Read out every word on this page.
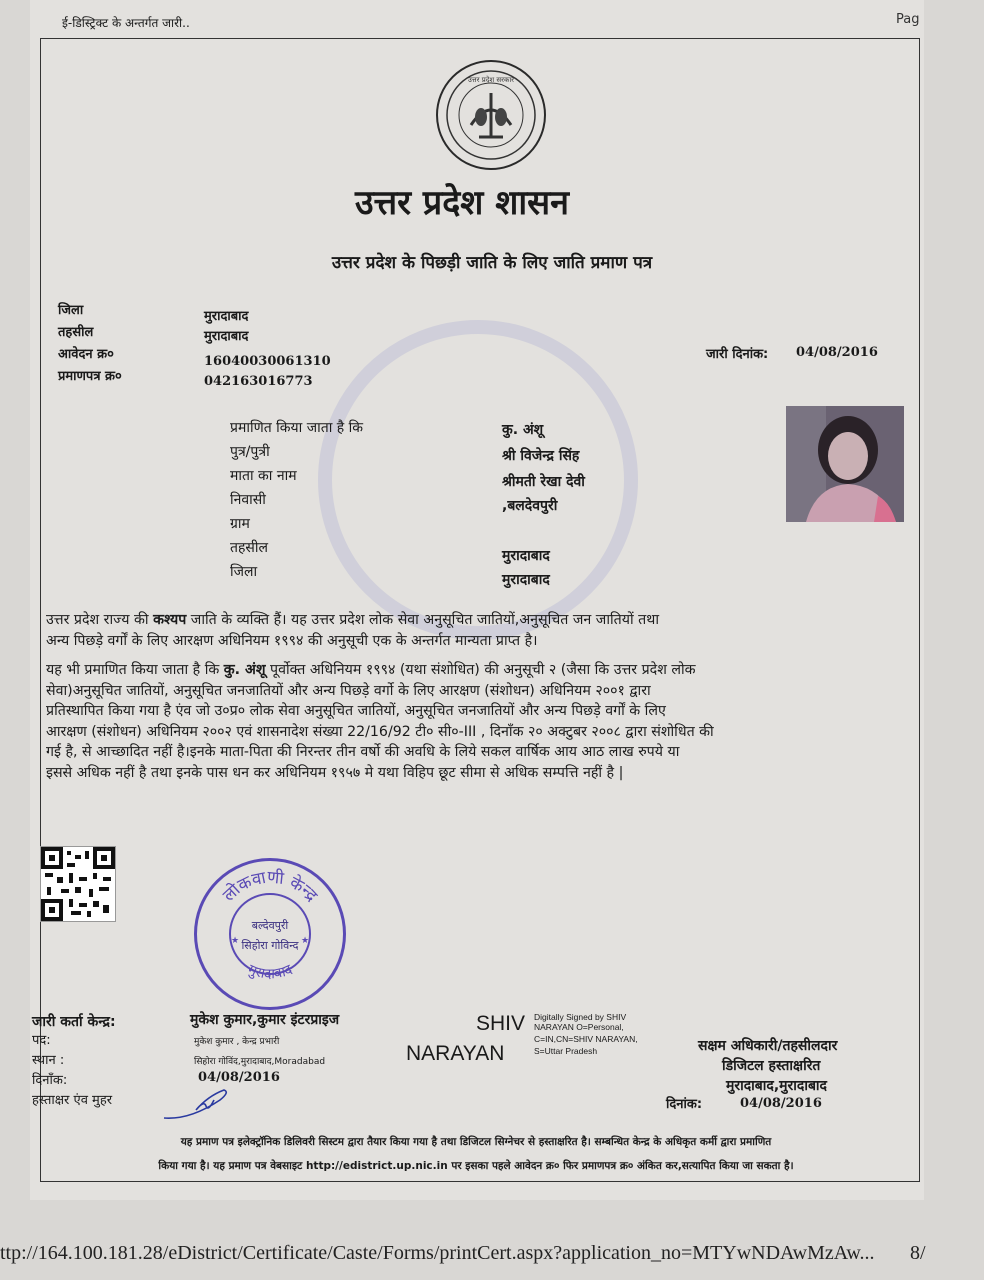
ई-डिस्ट्रिक्ट के अन्तर्गत जारी..	Pag
उत्तर प्रदेश सरकार
उत्तर प्रदेश शासन
उत्तर प्रदेश के पिछड़ी जाति के लिए जाति प्रमाण पत्र
जिला	मुरादाबाद
तहसील	मुरादाबाद
आवेदन क्र०	16040030061310
प्रमाणपत्र क्र०	042163016773
जारी दिनांक: 04/08/2016
प्रमाणित किया जाता है कि	कु. अंशू
पुत्र/पुत्री	श्री विजेन्द्र सिंह
माता का नाम	श्रीमती रेखा देवी
निवासी	,बलदेवपुरी
ग्राम
तहसील	मुरादाबाद
जिला	मुरादाबाद
उत्तर प्रदेश राज्य की कश्यप जाति के व्यक्ति हैं। यह उत्तर प्रदेश लोक सेवा अनुसूचित जातियों,अनुसूचित जन जातियों तथा
अन्य पिछड़े वर्गों के लिए आरक्षण अधिनियम १९९४ की अनुसूची एक के अन्तर्गत मान्यता प्राप्त है।
यह भी प्रमाणित किया जाता है कि कु. अंशू पूर्वोक्त अधिनियम १९९४ (यथा संशोधित) की अनुसूची २ (जैसा कि उत्तर प्रदेश लोक
सेवा)अनुसूचित जातियों, अनुसूचित जनजातियों और अन्य पिछड़े वर्गो के लिए आरक्षण (संशोधन) अधिनियम २००१ द्वारा
प्रतिस्थापित किया गया है एंव जो उ०प्र० लोक सेवा अनुसूचित जातियों, अनुसूचित जनजातियों और अन्य पिछड़े वर्गों के लिए
आरक्षण (संशोधन) अधिनियम २००२ एवं शासनादेश संख्या 22/16/92 टी० सी०-III , दिनाँक २० अक्टुबर २००८ द्वारा संशोधित की
गई है, से आच्छादित नहीं है।इनके माता-पिता की निरन्तर तीन वर्षो की अवधि के लिये सकल वार्षिक आय आठ लाख रुपये या
इससे अधिक नहीं है तथा इनके पास धन कर अधिनियम १९५७ मे यथा विहिप छूट सीमा से अधिक सम्पत्ति नहीं है |
लोकवाणी केन्द्र
मुरादाबाद
बल्देवपुरी
सिहोरा गोविन्द
★	★
जारी कर्ता केन्द्र:	मुकेश कुमार,कुमार इंटरप्राइज
पद:	मुकेश कुमार , केन्द्र प्रभारी
स्थान :	सिहोरा गोविंद,मुरादाबाद,Moradabad
दिनाँक:	04/08/2016
हस्ताक्षर एंव मुहर
SHIV
NARAYAN
Digitally Signed by SHIV
NARAYAN O=Personal,
C=IN,CN=SHIV NARAYAN,
S=Uttar Pradesh	सक्षम अधिकारी/तहसीलदार
डिजिटल हस्ताक्षरित
मुरादाबाद,मुरादाबाद
दिनांक:	04/08/2016
यह प्रमाण पत्र इलेक्ट्रॉनिक डिलिवरी सिस्टम द्वारा तैयार किया गया है तथा डिजिटल सिग्नेचर से हस्ताक्षरित है। सम्बन्धित केन्द्र के अधिकृत कर्मी द्वारा प्रमाणित
किया गया है। यह प्रमाण पत्र वेबसाइट http://edistrict.up.nic.in पर इसका पहले आवेदन क्र० फिर प्रमाणपत्र क्र० अंकित कर,सत्यापित किया जा सकता है।
ttp://164.100.181.28/eDistrict/Certificate/Caste/Forms/printCert.aspx?application_no=MTYwNDAwMzAw... 8/
